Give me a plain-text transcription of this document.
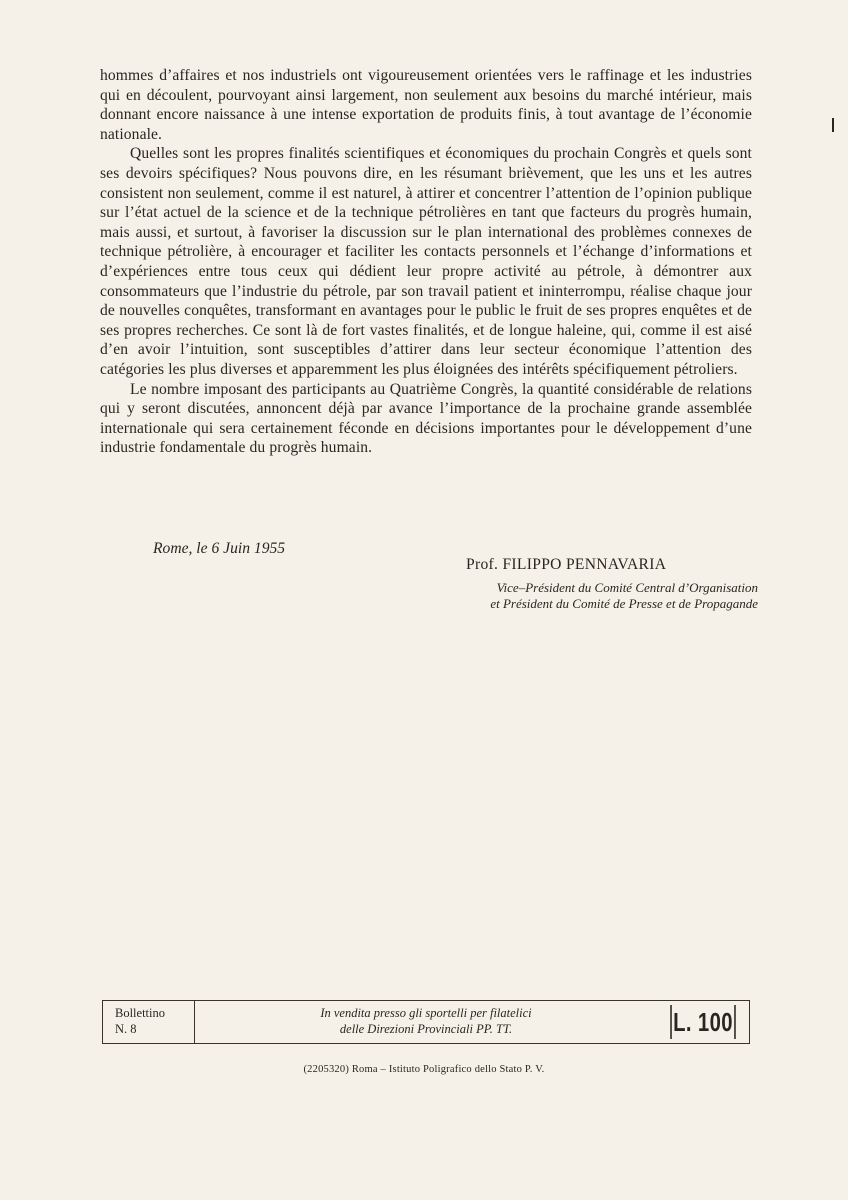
hommes d’affaires et nos industriels ont vigoureusement orientées vers le raffinage et les industries qui en découlent, pourvoyant ainsi largement, non seulement aux besoins du marché intérieur, mais donnant encore naissance à une intense exportation de produits finis, à tout avantage de l’économie nationale.

Quelles sont les propres finalités scientifiques et économiques du prochain Congrès et quels sont ses devoirs spécifiques? Nous pouvons dire, en les résumant brièvement, que les uns et les autres consistent non seulement, comme il est naturel, à attirer et concentrer l’attention de l’opinion publique sur l’état actuel de la science et de la technique pétrolières en tant que facteurs du progrès humain, mais aussi, et surtout, à favoriser la discussion sur le plan international des problèmes connexes de technique pétrolière, à encourager et faciliter les contacts personnels et l’échange d’informations et d’expériences entre tous ceux qui dédient leur propre activité au pétrole, à démontrer aux consommateurs que l’industrie du pétrole, par son travail patient et ininterrompu, réalise chaque jour de nouvelles conquêtes, transformant en avantages pour le public le fruit de ses propres enquêtes et de ses propres recherches. Ce sont là de fort vastes finalités, et de longue haleine, qui, comme il est aisé d’en avoir l’intuition, sont susceptibles d’attirer dans leur secteur économique l’attention des catégories les plus diverses et apparemment les plus éloignées des intérêts spécifiquement pétroliers.

Le nombre imposant des participants au Quatrième Congrès, la quantité considérable de relations qui y seront discutées, annoncent déjà par avance l’importance de la prochaine grande assemblée internationale qui sera certainement féconde en décisions importantes pour le développement d’une industrie fondamentale du progrès humain.

Rome, le 6 Juin 1955
Prof. FILIPPO PENNAVARIA
Vice–Président du Comité Central d’Organisation
et Président du Comité de Presse et de Propagande
Bollettino
N. 8
In vendita presso gli sportelli per filatelici
delle Direzioni Provinciali PP. TT.	L. 100
(2205320) Roma – Istituto Poligrafico dello Stato P. V.
